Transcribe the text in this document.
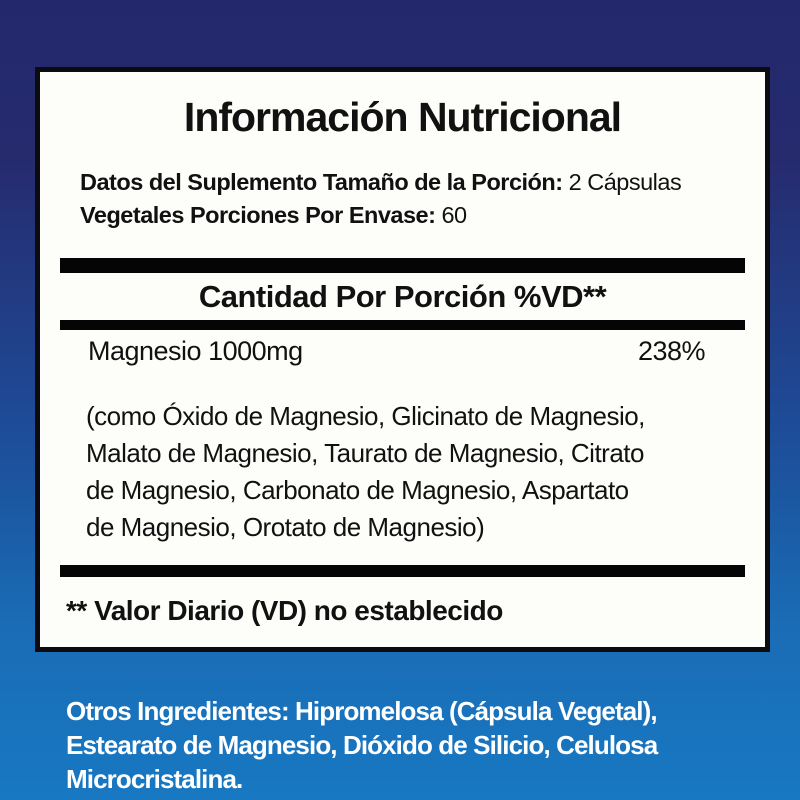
Información Nutricional

Datos del Suplemento Tamaño de la Porción: 2 Cápsulas
Vegetales Porciones Por Envase: 60

Cantidad Por Porción %VD**
Magnesio 1000mg	238%

(como Óxido de Magnesio, Glicinato de Magnesio,
Malato de Magnesio, Taurato de Magnesio, Citrato
de Magnesio, Carbonato de Magnesio, Aspartato
de Magnesio, Orotato de Magnesio)

** Valor Diario (VD) no establecido

Otros Ingredientes: Hipromelosa (Cápsula Vegetal),
Estearato de Magnesio, Dióxido de Silicio, Celulosa
Microcristalina.
